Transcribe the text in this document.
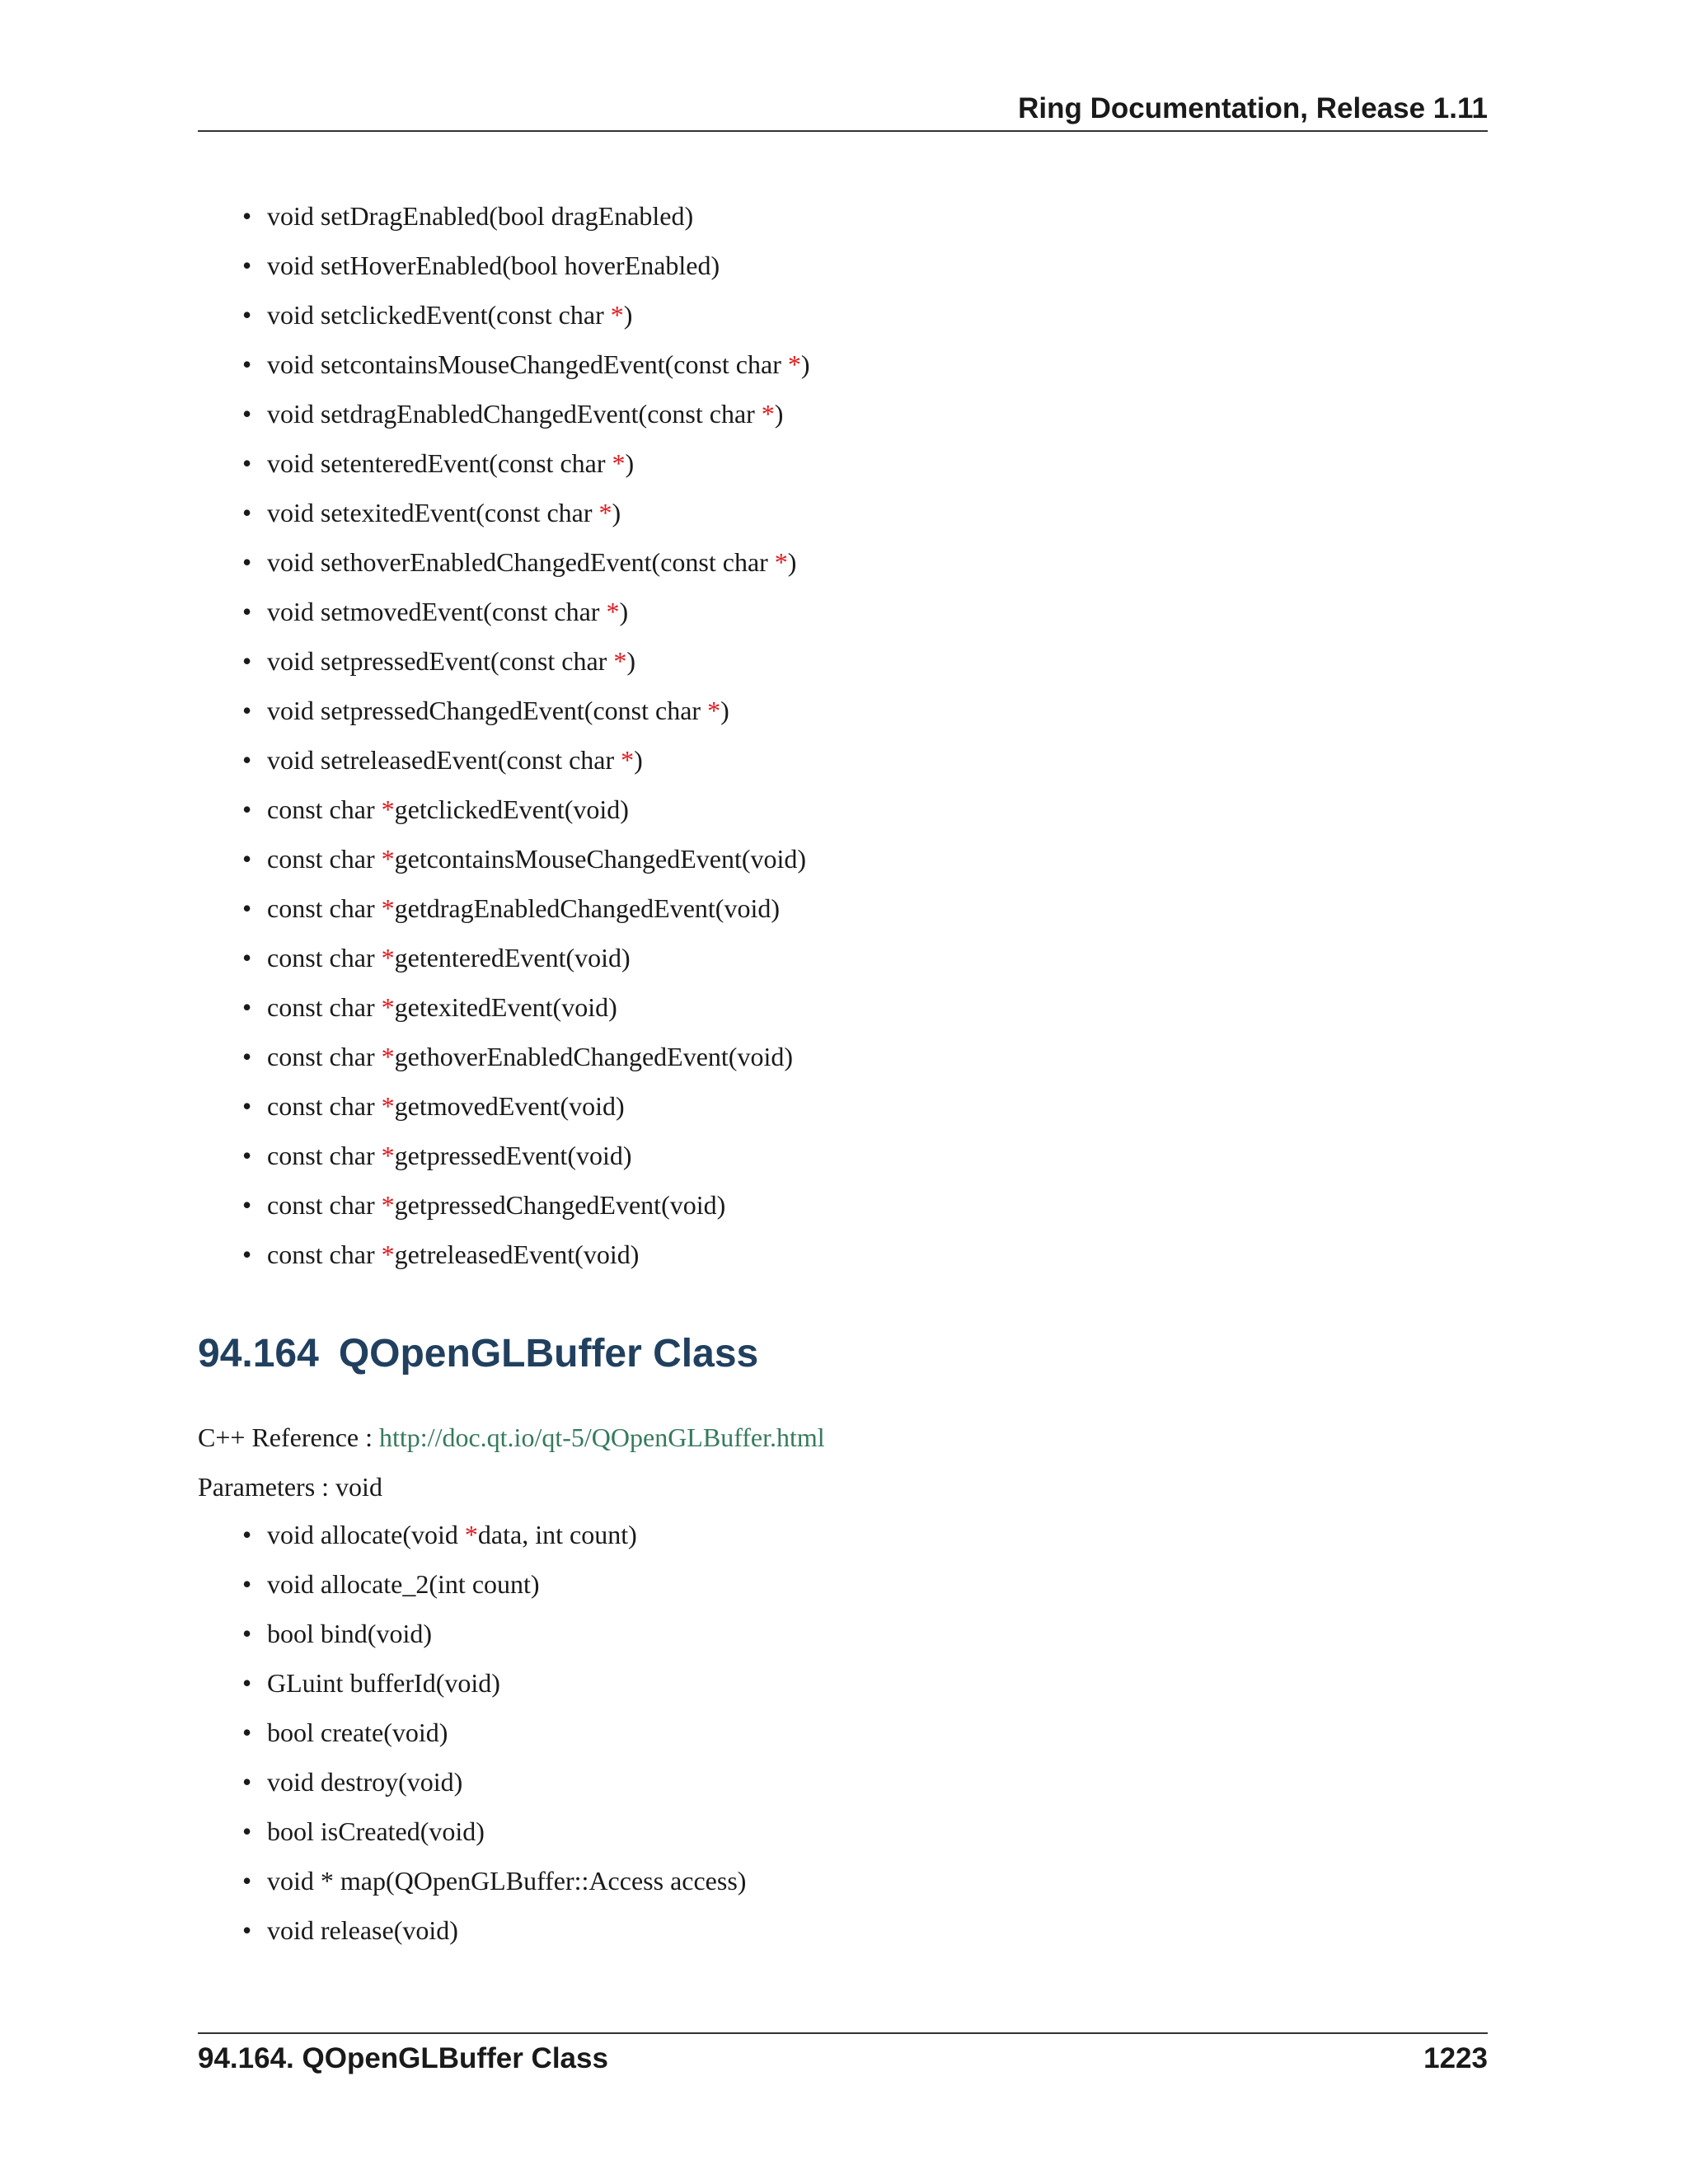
Ring Documentation, Release 1.11
• void setDragEnabled(bool dragEnabled)
• void setHoverEnabled(bool hoverEnabled)
• void setclickedEvent(const char *)
• void setcontainsMouseChangedEvent(const char *)
• void setdragEnabledChangedEvent(const char *)
• void setenteredEvent(const char *)
• void setexitedEvent(const char *)
• void sethoverEnabledChangedEvent(const char *)
• void setmovedEvent(const char *)
• void setpressedEvent(const char *)
• void setpressedChangedEvent(const char *)
• void setreleasedEvent(const char *)
• const char *getclickedEvent(void)
• const char *getcontainsMouseChangedEvent(void)
• const char *getdragEnabledChangedEvent(void)
• const char *getenteredEvent(void)
• const char *getexitedEvent(void)
• const char *gethoverEnabledChangedEvent(void)
• const char *getmovedEvent(void)
• const char *getpressedEvent(void)
• const char *getpressedChangedEvent(void)
• const char *getreleasedEvent(void)
94.164 QOpenGLBuffer Class
C++ Reference : http://doc.qt.io/qt-5/QOpenGLBuffer.html
Parameters : void
• void allocate(void *data, int count)
• void allocate_2(int count)
• bool bind(void)
• GLuint bufferId(void)
• bool create(void)
• void destroy(void)
• bool isCreated(void)
• void * map(QOpenGLBuffer::Access access)
• void release(void)
94.164. QOpenGLBuffer Class	1223
